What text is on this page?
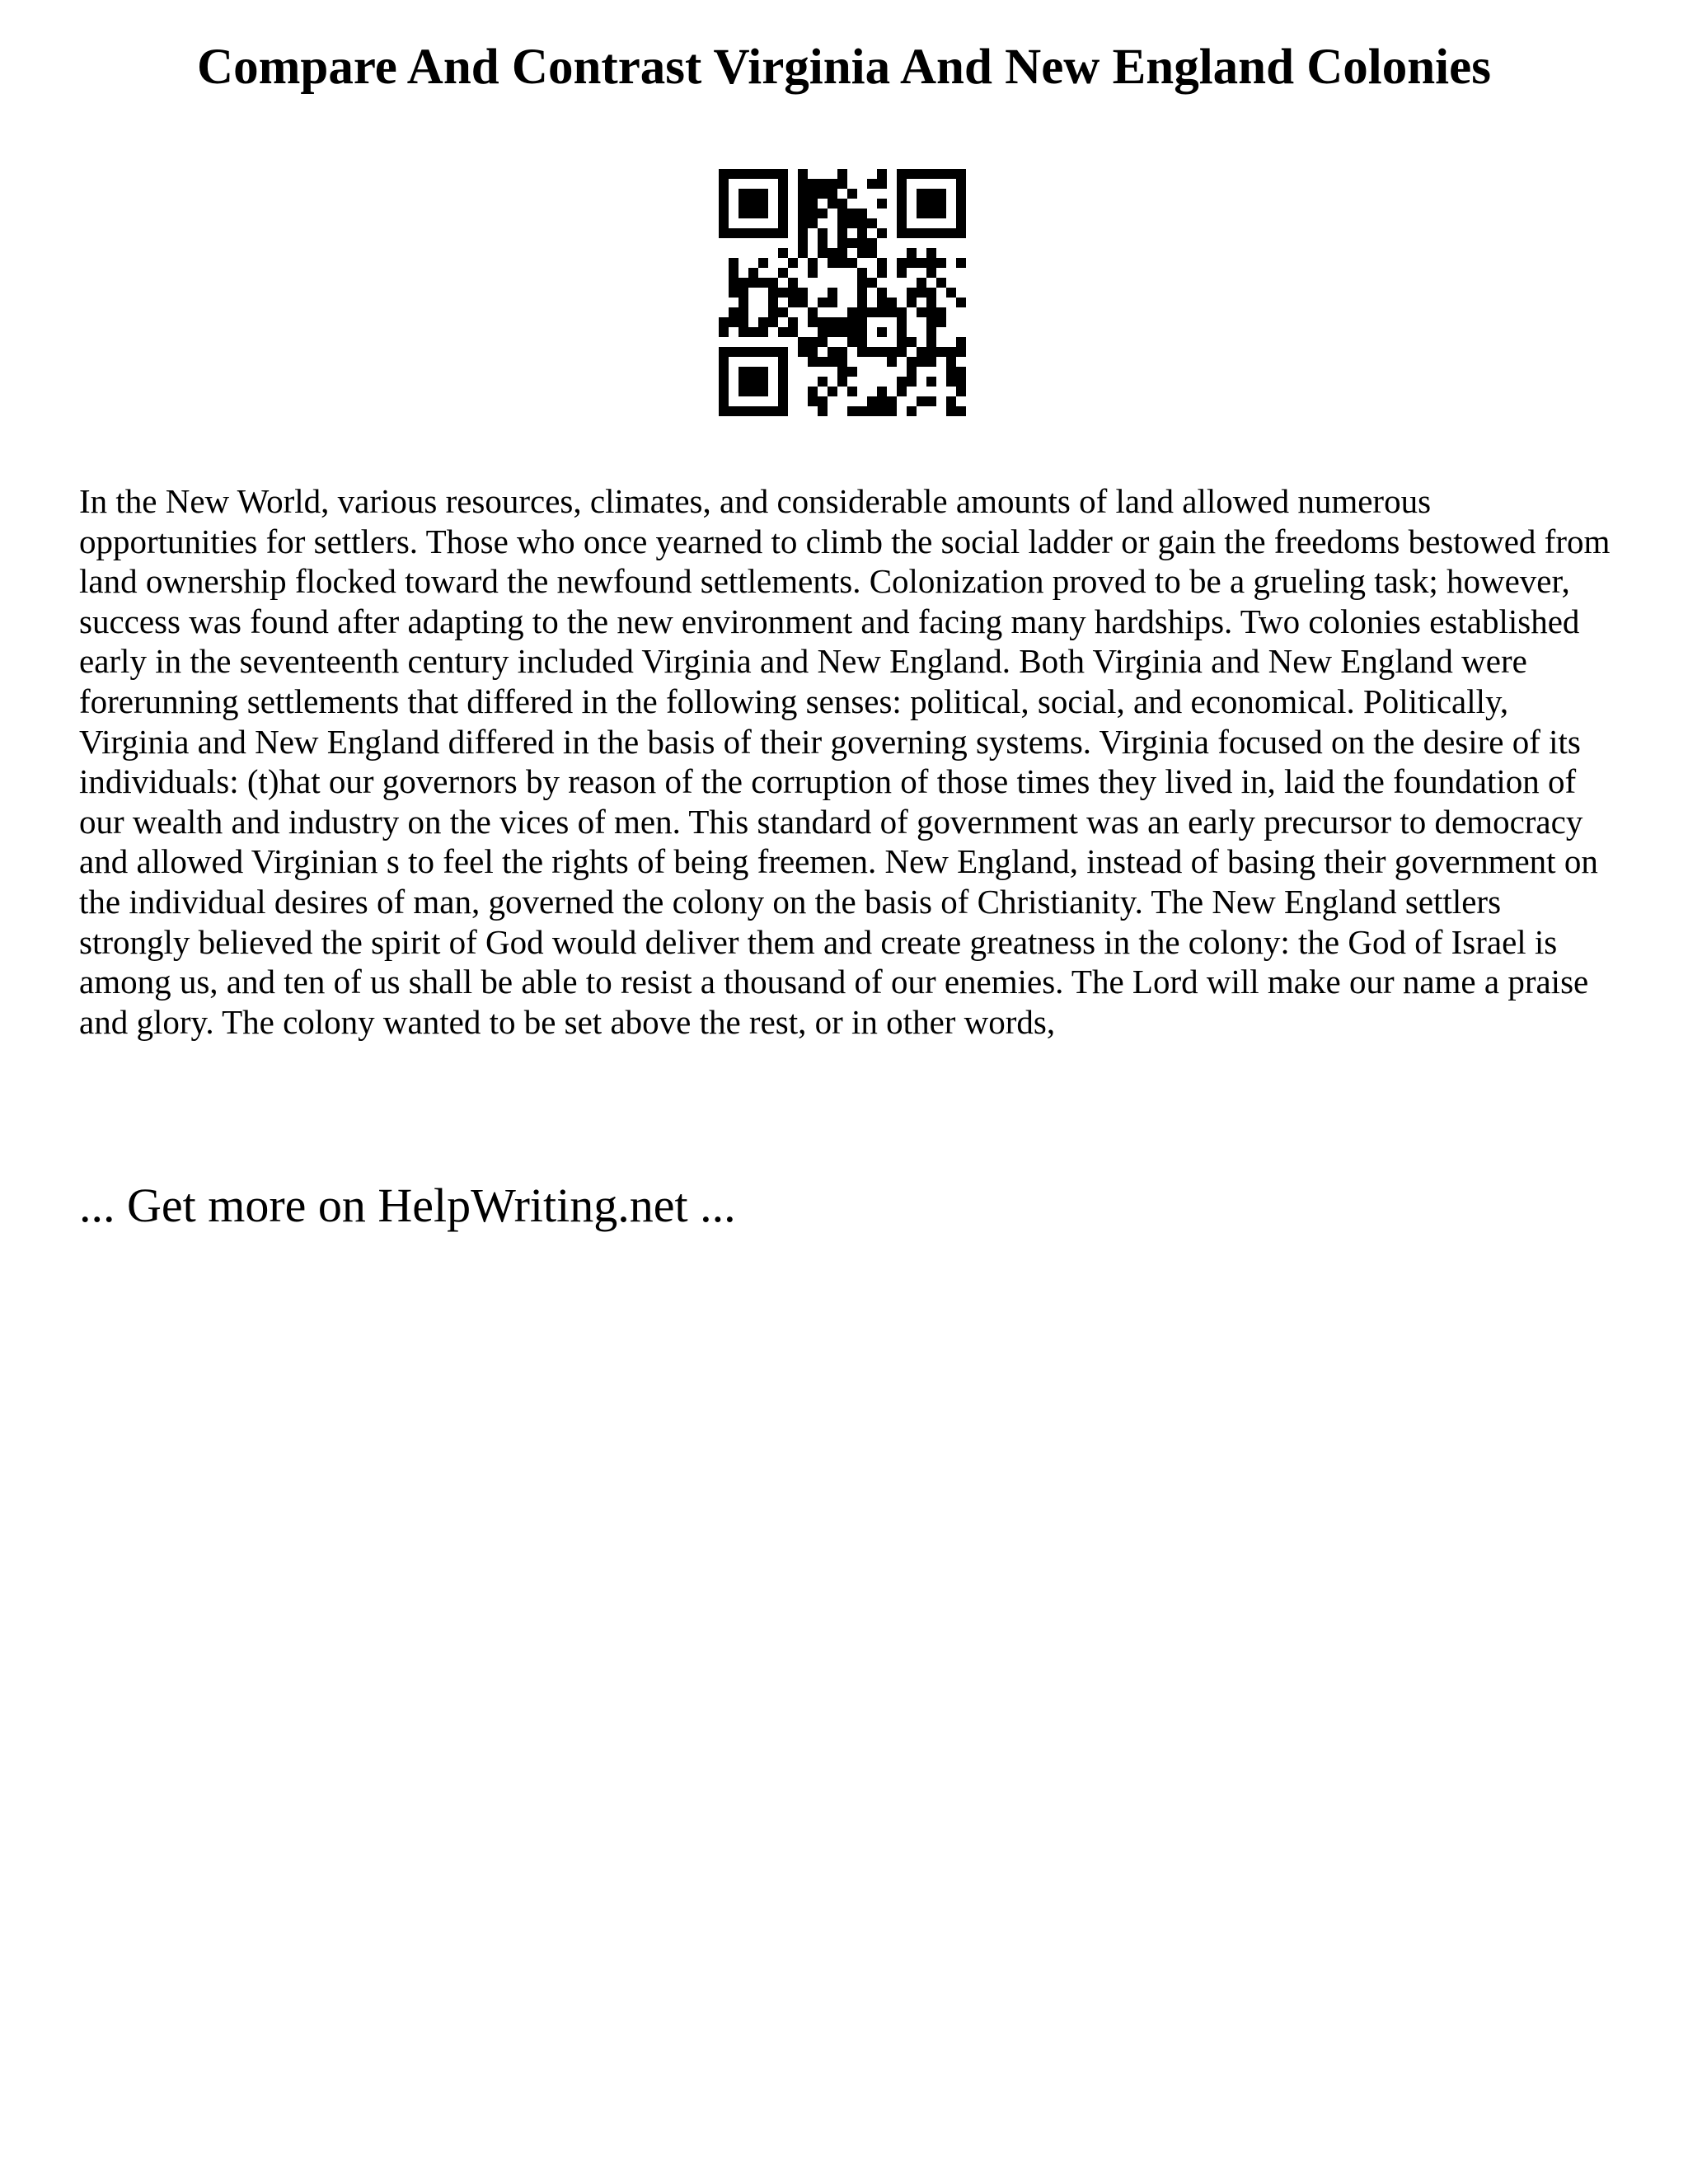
Compare And Contrast Virginia And New England Colonies

In the New World, various resources, climates, and considerable amounts of land allowed numerous opportunities for settlers. Those who once yearned to climb the social ladder or gain the freedoms bestowed from land ownership flocked toward the newfound settlements. Colonization proved to be a grueling task; however, success was found after adapting to the new environment and facing many hardships. Two colonies established early in the seventeenth century included Virginia and New England. Both Virginia and New England were forerunning settlements that differed in the following senses: political, social, and economical. Politically, Virginia and New England differed in the basis of their governing systems. Virginia focused on the desire of its individuals: (t)hat our governors by reason of the corruption of those times they lived in, laid the foundation of our wealth and industry on the vices of men. This standard of government was an early precursor to democracy and allowed Virginian s to feel the rights of being freemen. New England, instead of basing their government on the individual desires of man, governed the colony on the basis of Christianity. The New England settlers strongly believed the spirit of God would deliver them and create greatness in the colony: the God of Israel is among us, and ten of us shall be able to resist a thousand of our enemies. The Lord will make our name a praise and glory. The colony wanted to be set above the rest, or in other words,

... Get more on HelpWriting.net ...
